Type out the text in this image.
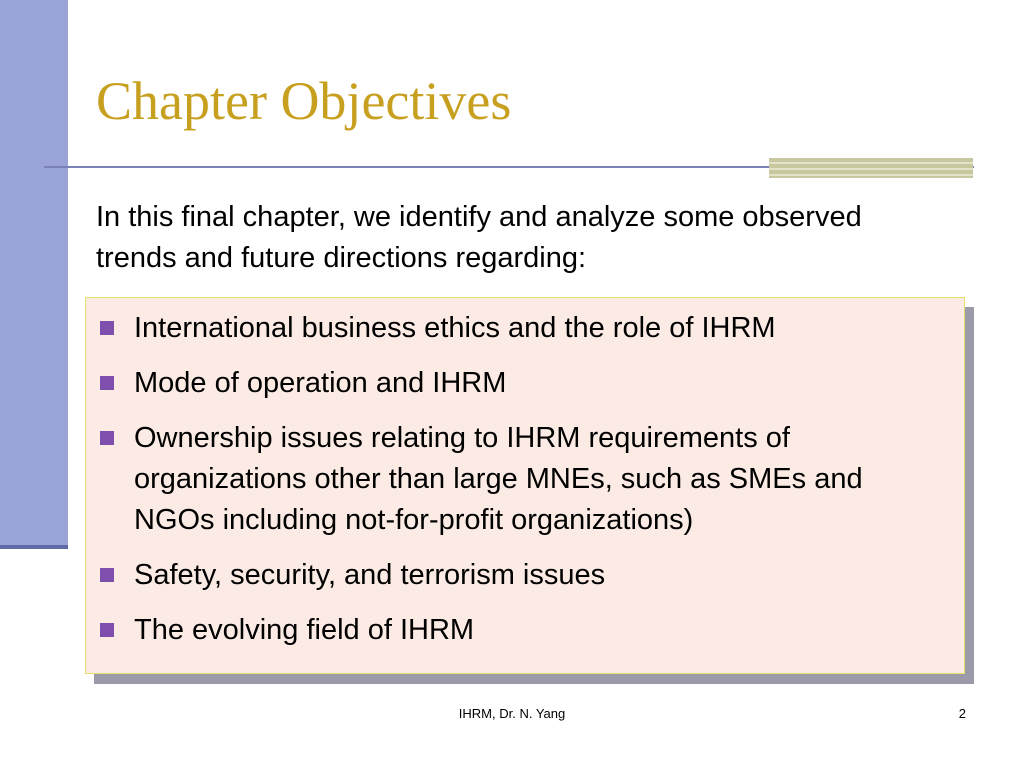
Chapter Objectives
In this final chapter, we identify and analyze some observed trends and future directions regarding:
International business ethics and the role of IHRM
Mode of operation and IHRM
Ownership issues relating to IHRM requirements of organizations other than large MNEs, such as SMEs and NGOs including not-for-profit organizations)
Safety, security, and terrorism issues
The evolving field of IHRM
IHRM, Dr. N. Yang	2
